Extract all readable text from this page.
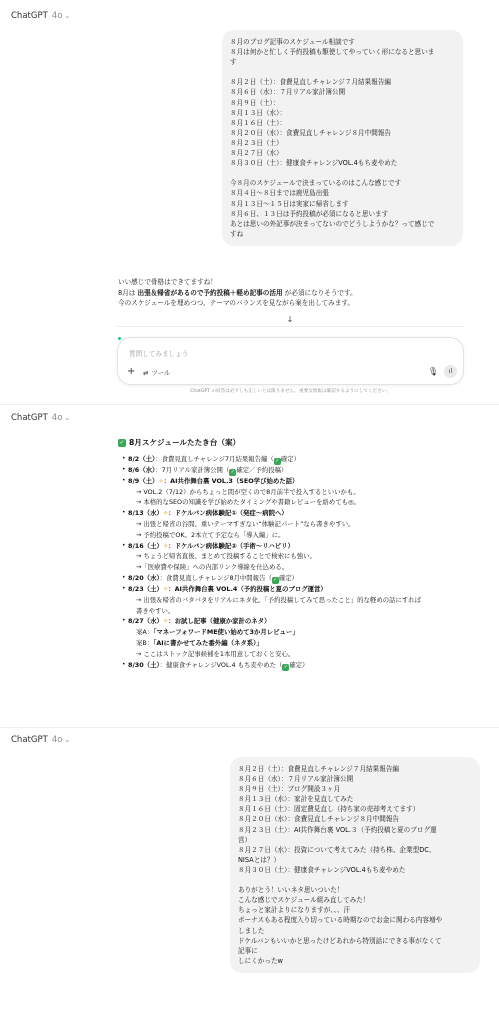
ChatGPT 4o ⌄
８月のブログ記事のスケジュール相談です
８月は何かと忙しく予約投稿も駆使してやっていく形になると思いま
す
８月２日（土）：食費見直しチャレンジ７月結果報告編
８月６日（水）：７月リアル家計簿公開
８月９日（土）：
８月１３日（水）：
８月１６日（土）：
８月２０日（水）：食費見直しチャレンジ８月中間報告
８月２３日（土）
８月２７日（水）
８月３０日（土）：健康食チャレンジVOL.4もち麦やめた
今８月のスケジュールで決まっているのはこんな感じです
８月４日〜８日までは鹿児島出張
８月１３日〜１５日は実家に帰省します
８月６日、１３日は予約投稿が必須になると思います
あとは思いの外記事が決まってないのでどうしようかな？って感じで
すね
いい感じで骨格はできてますね！
8月は 出張＆帰省があるので予約投稿＋軽め記事の活用 が必須になりそうです。
今のスケジュールを埋めつつ、テーマのバランスを見ながら案を出してみます。
↓
質問してみましょう
+ ⇄ ツール	🎙	ıl
ChatGPT の回答は必ずしも正しいとは限りません。重要な情報は確認するようにしてください。
ChatGPT 4o ⌄
✓ 8月スケジュールたたき台（案）
• 8/2（土）：食費見直しチャレンジ7月結果報告編（✓確定）
• 8/6（水）：7月リアル家計簿公開（✓確定／予約投稿）
• 8/9（土）✧：AI共作舞台裏 VOL.3（SEO学び始めた話）
→ VOL.2（7/12）からちょっと間が空くので8月前半で投入するといいかも。
→ 本格的なSEOの知識を学び始めたタイミングや書籍レビューを絡めても◎。
• 8/13（水）✧：ドケルバン病体験記①（発症〜病院へ）
→ 出張と帰省の谷間、重いテーマすぎない“体験記パート”なら書きやすい。
→ 予約投稿でOK。2本立て予定なら「導入編」に。
• 8/16（土）✧：ドケルバン病体験記②（手術〜リハビリ）
→ ちょうど帰省直後、まとめて投稿することで検索にも強い。
→「医療費や保険」への内部リンク導線を仕込める。
• 8/20（水）：食費見直しチャレンジ8月中間報告（✓確定）
• 8/23（土）✧：AI共作舞台裏 VOL.4（予約投稿と夏のブログ運営）
→ 出張＆帰省のバタバタをリアルにネタ化。「予約投稿してみて思ったこと」的な軽めの話にすれば
書きやすい。
• 8/27（水）✧：お試し記事（健康か家計のネタ）
案A：「マネーフォワードME使い始めて3か月レビュー」
案B：「AIに書かせてみた番外編（ネタ系）」
→ ここはストック記事候補を1本用意しておくと安心。
• 8/30（土）：健康食チャレンジVOL.4 もち麦やめた（✓確定）
ChatGPT 4o ⌄
８月２日（土）：食費見直しチャレンジ７月結果報告編
８月６日（水）：７月リアル家計簿公開
８月９日（土）：ブログ開設３ヶ月
８月１３日（水）：家計を見直してみた
８月１６日（土）：固定費見直し（持ち家の売却考えてます）
８月２０日（水）：食費見直しチャレンジ８月中間報告
８月２３日（土）：AI共作舞台裏 VOL.３（予約投稿と夏のブログ運
営）
８月２７日（水）：投資について考えてみた（持ち株、企業型DC、
NISAとは？）
８月３０日（土）：健康食チャレンジVOL.4もち麦やめた
ありがとう！いいネタ思いついた！
こんな感じでスケジュール組み直してみた！
ちょっと家計よりになりますが、、、汗
ボーナスもある程度入り切っている時期なのでお金に関わる内容増や
しました
ドケルバンもいいかと思ったけどあれから特別話にできる事がなくて
記事に
しにくかったw
